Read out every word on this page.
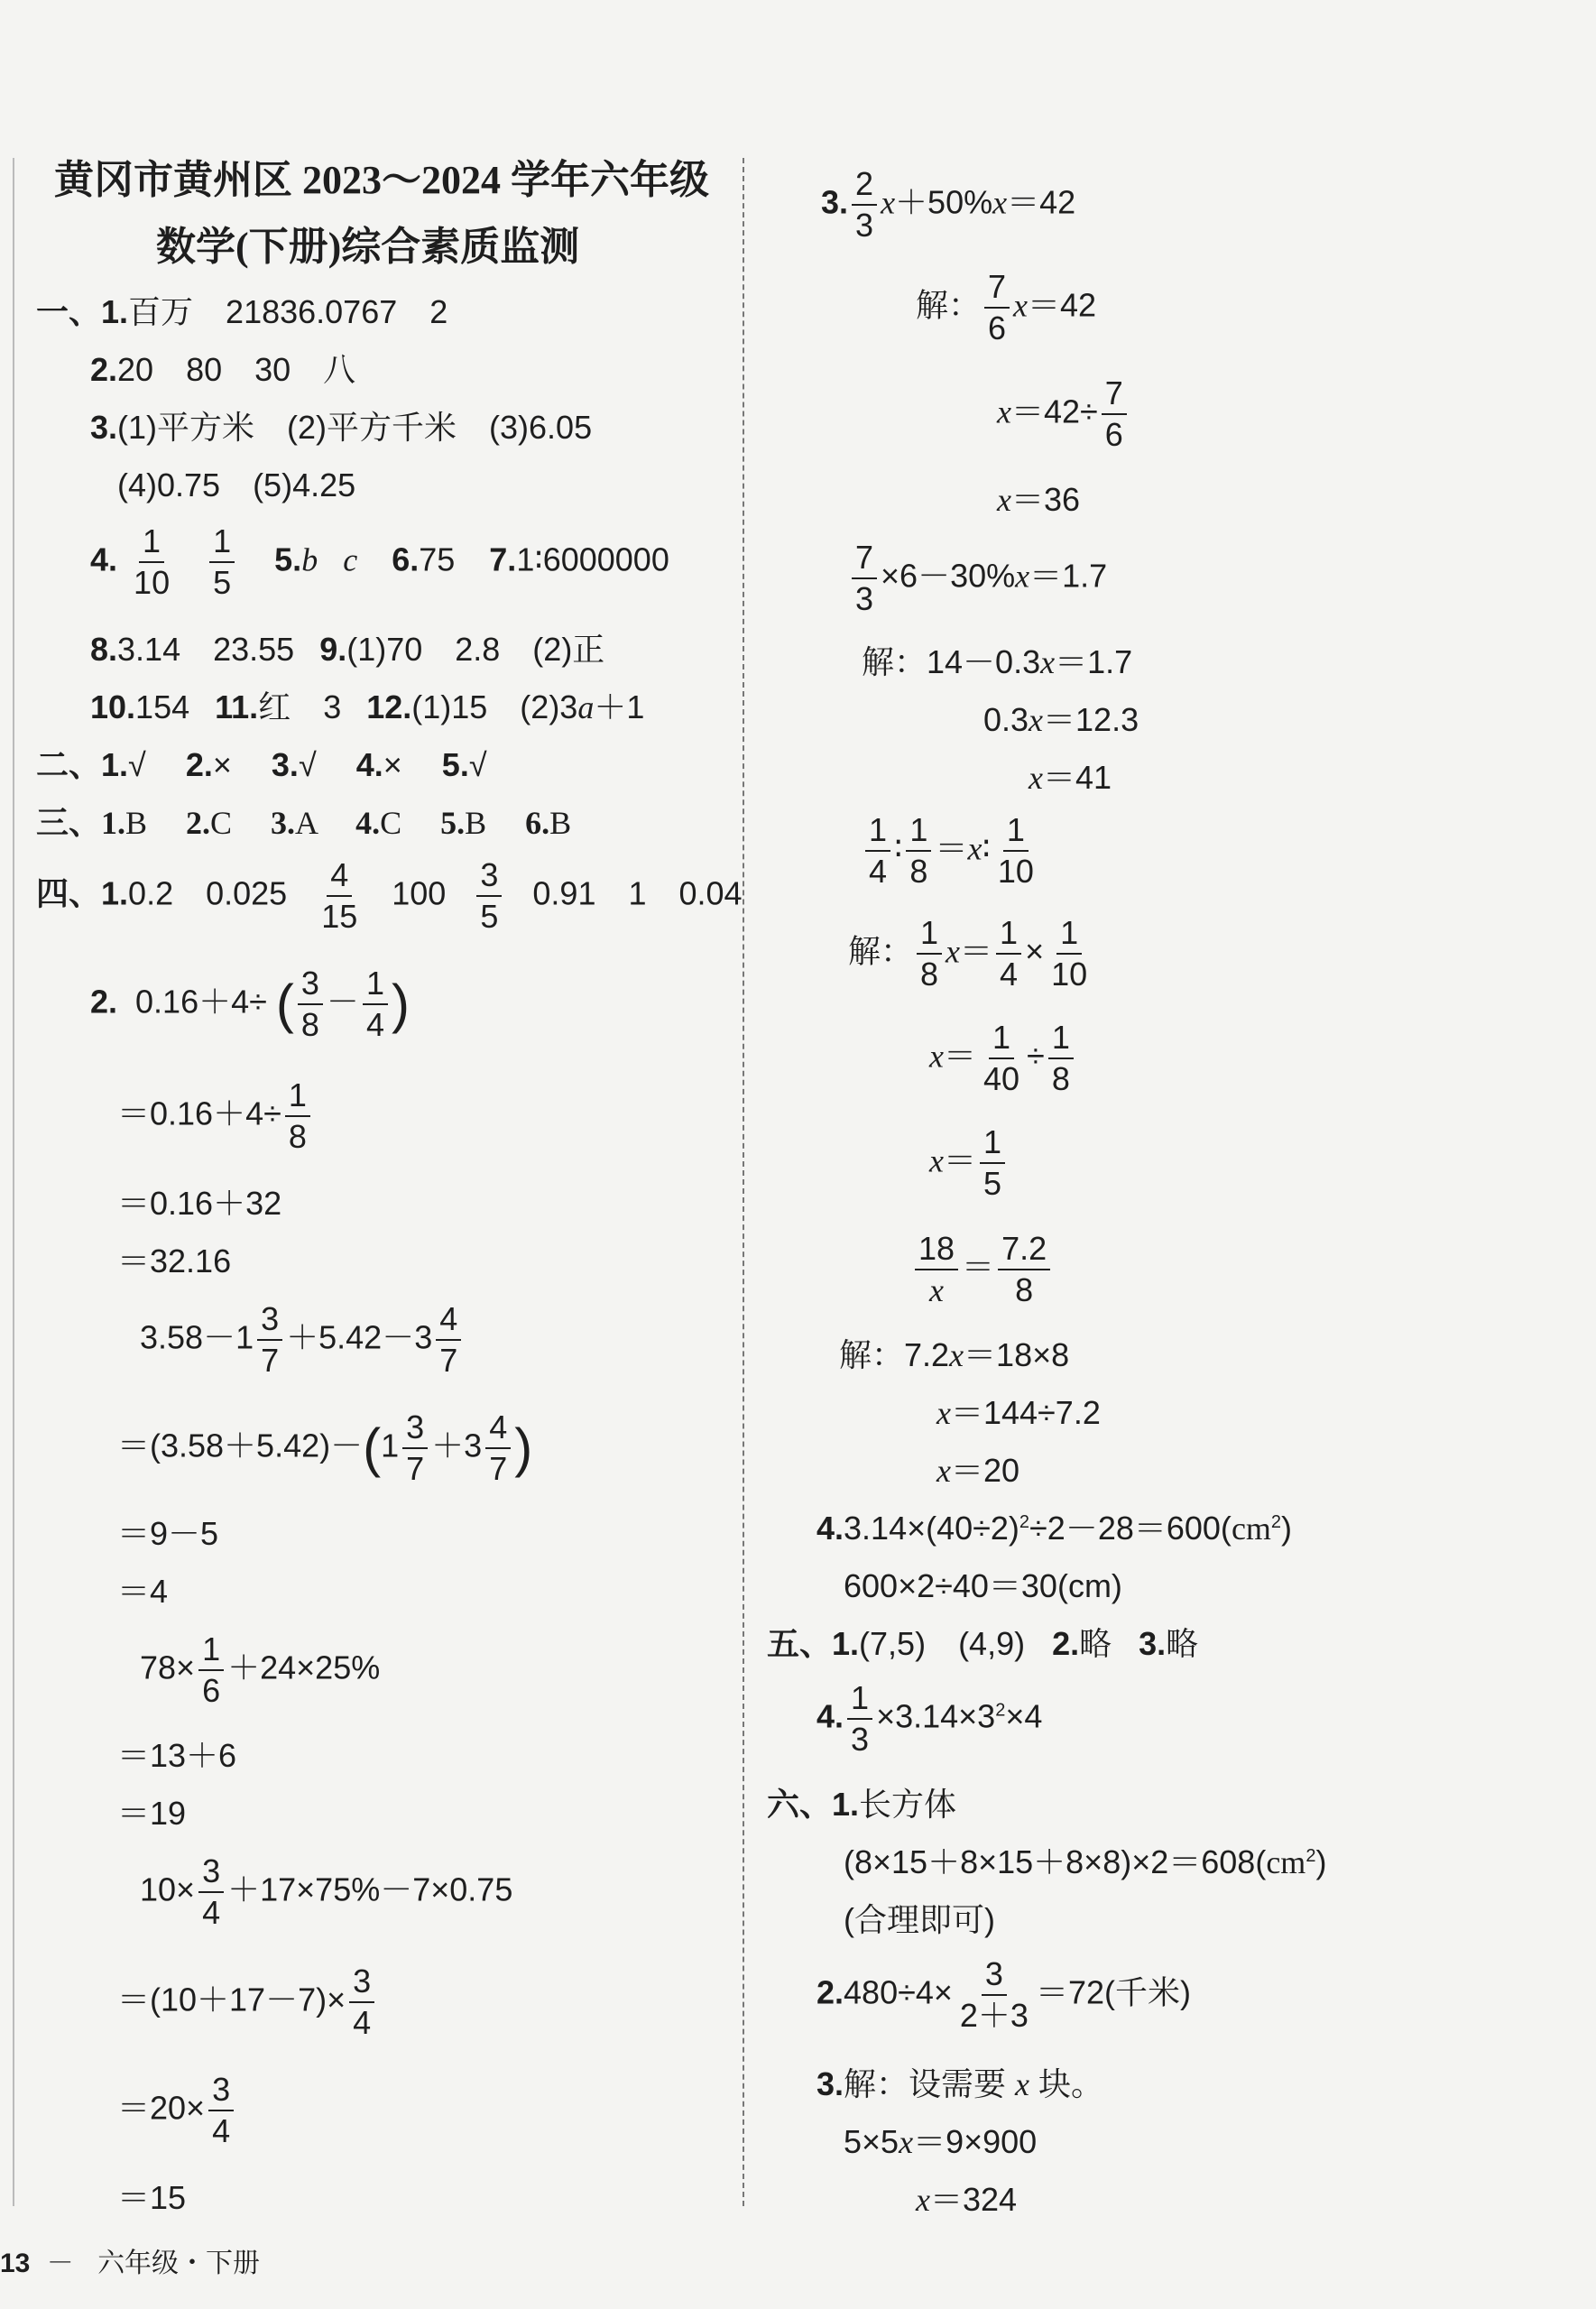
黄冈市黄州区 2023～2024 学年六年级
数学(下册)综合素质监测
一、1.百万　21836.0767　2
2.20　80　30　八
3.(1)平方米　(2)平方千米　(3)6.05
(4)0.75　(5)4.25
4. $\frac{1}{10}$
$\frac{1}{5} 5.b$ c 6.75 7.1∶6000000
8.3.14　23.55 9.(1)70　2.8　(2)正
10.154 11.红　3 12.(1)15　(2)3a＋1
二、1.√ 2.× 3.√ 4.× 5.√
三、1.B 2.C 3.A 4.C 5.B 6.B
四、1.0.2　$0.025 \frac{4}{15} 100 \frac{3}{5} 0.91$　1　0.04
2. 0.16＋4÷ ( $\frac{3}{8} - \frac{1}{4}$ )
$=0.16+4\div \frac{1}{8}$
＝0.16＋32
＝32.16
$3.58-1 \frac{3}{7} +5.42-3 \frac{4}{7}$
$=(3.58+5.42)-(1 \frac{3}{7} +3 \frac{4}{7}$ )
＝9－5
＝4
$78\times \frac{1}{6} +24\times 25\%$
＝13＋6
＝19
$10\times \frac{3}{4} +17\times 75\%-7\times 0.75$
$=(10+17-7)\times \frac{3}{4}$
$=20\times \frac{3}{4}$
＝15
3. $\frac{2}{3} x+50\%x=42$
解： $\frac{7}{6} x=42$
$x=42\div \frac{7}{6}$
x＝36
$\frac{7}{3} \times 6-30\%x=1.7$
解：14－0.3x＝1.7
0.3x＝12.3
x＝41
$\frac{1}{4}$ ∶ $\frac{1}{8}$ ＝x∶ $\frac{1}{10}$
解： $\frac{1}{8} x= \frac{1}{4} \times \frac{1}{10}$
$x= \frac{1}{40} \div \frac{1}{8}$
$x= \frac{1}{5}$
$\frac{18}{x} = \frac{7.2}{8}$
解：7.2x＝18×8
x＝144÷7.2
x＝20
$4.3.14\times(40\div 2)^2\div 2-28=600(cm^2)$
600×2÷40＝30(cm)
五、1.(7,5)　(4,9) 2.略 3.略
4. $\frac{1}{3} \times 3.14\times 3^2\times 4$
六、1.长方体
$(8\times 15+8\times 15+8\times 8)\times 2=608(cm^2)$
(合理即可)
$2.480\div 4\times \frac{3}{2+3} =72$(千米)
3.解：设需要 x 块。
5×5x＝9×900
x＝324
13 － 六年级・下册
